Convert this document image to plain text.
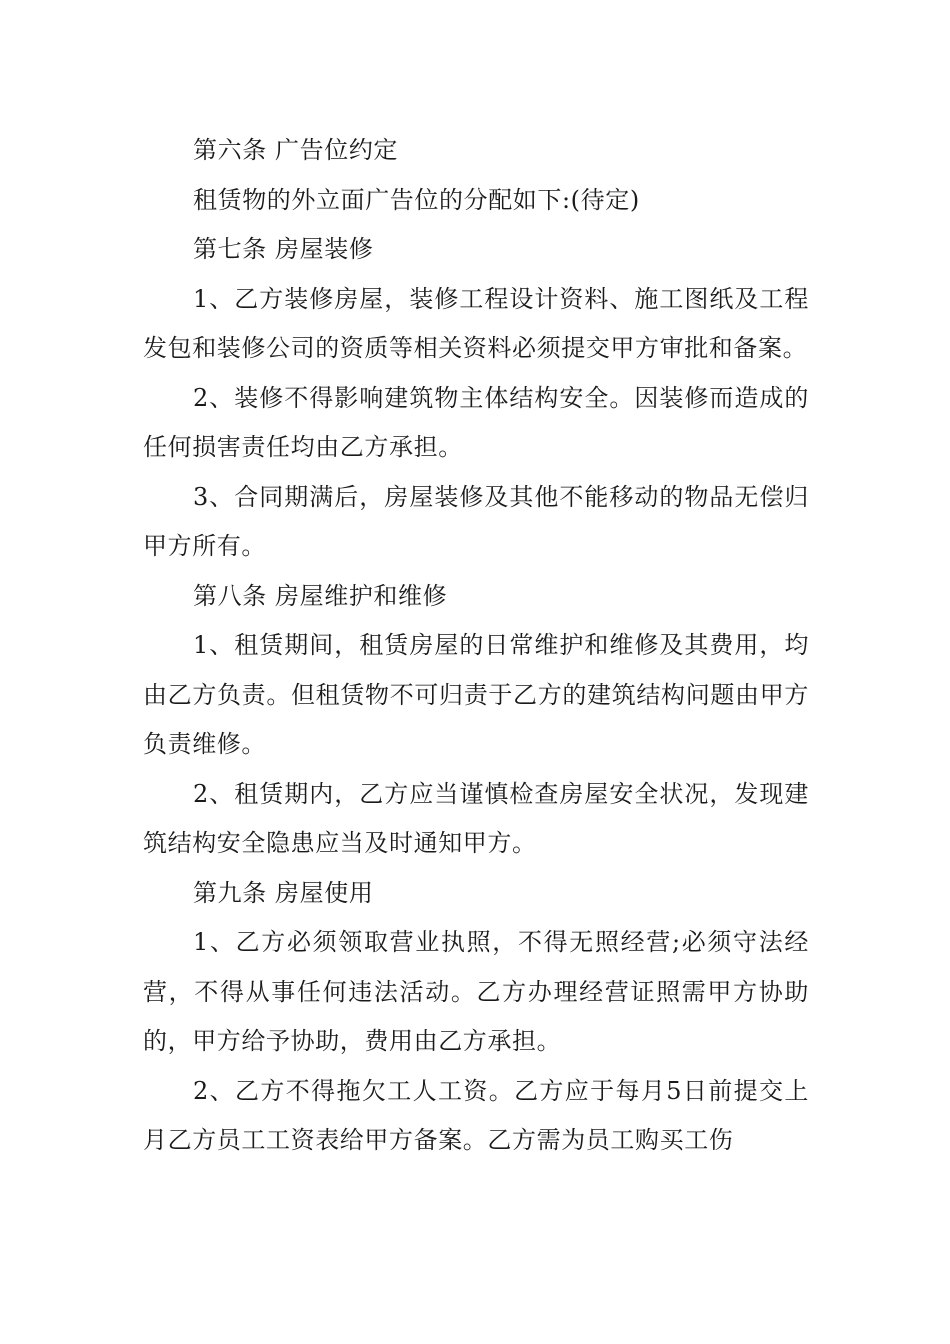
第六条 广告位约定

租赁物的外立面广告位的分配如下:(待定)

第七条 房屋装修

1、乙方装修房屋，装修工程设计资料、施工图纸及工程发包和装修公司的资质等相关资料必须提交甲方审批和备案。

2、装修不得影响建筑物主体结构安全。因装修而造成的任何损害责任均由乙方承担。

3、合同期满后，房屋装修及其他不能移动的物品无偿归甲方所有。

第八条 房屋维护和维修

1、租赁期间，租赁房屋的日常维护和维修及其费用，均由乙方负责。但租赁物不可归责于乙方的建筑结构问题由甲方负责维修。

2、租赁期内，乙方应当谨慎检查房屋安全状况，发现建筑结构安全隐患应当及时通知甲方。

第九条 房屋使用

1、乙方必须领取营业执照，不得无照经营;必须守法经营，不得从事任何违法活动。乙方办理经营证照需甲方协助的，甲方给予协助，费用由乙方承担。

2、乙方不得拖欠工人工资。乙方应于每月5日前提交上月乙方员工工资表给甲方备案。乙方需为员工购买工伤
